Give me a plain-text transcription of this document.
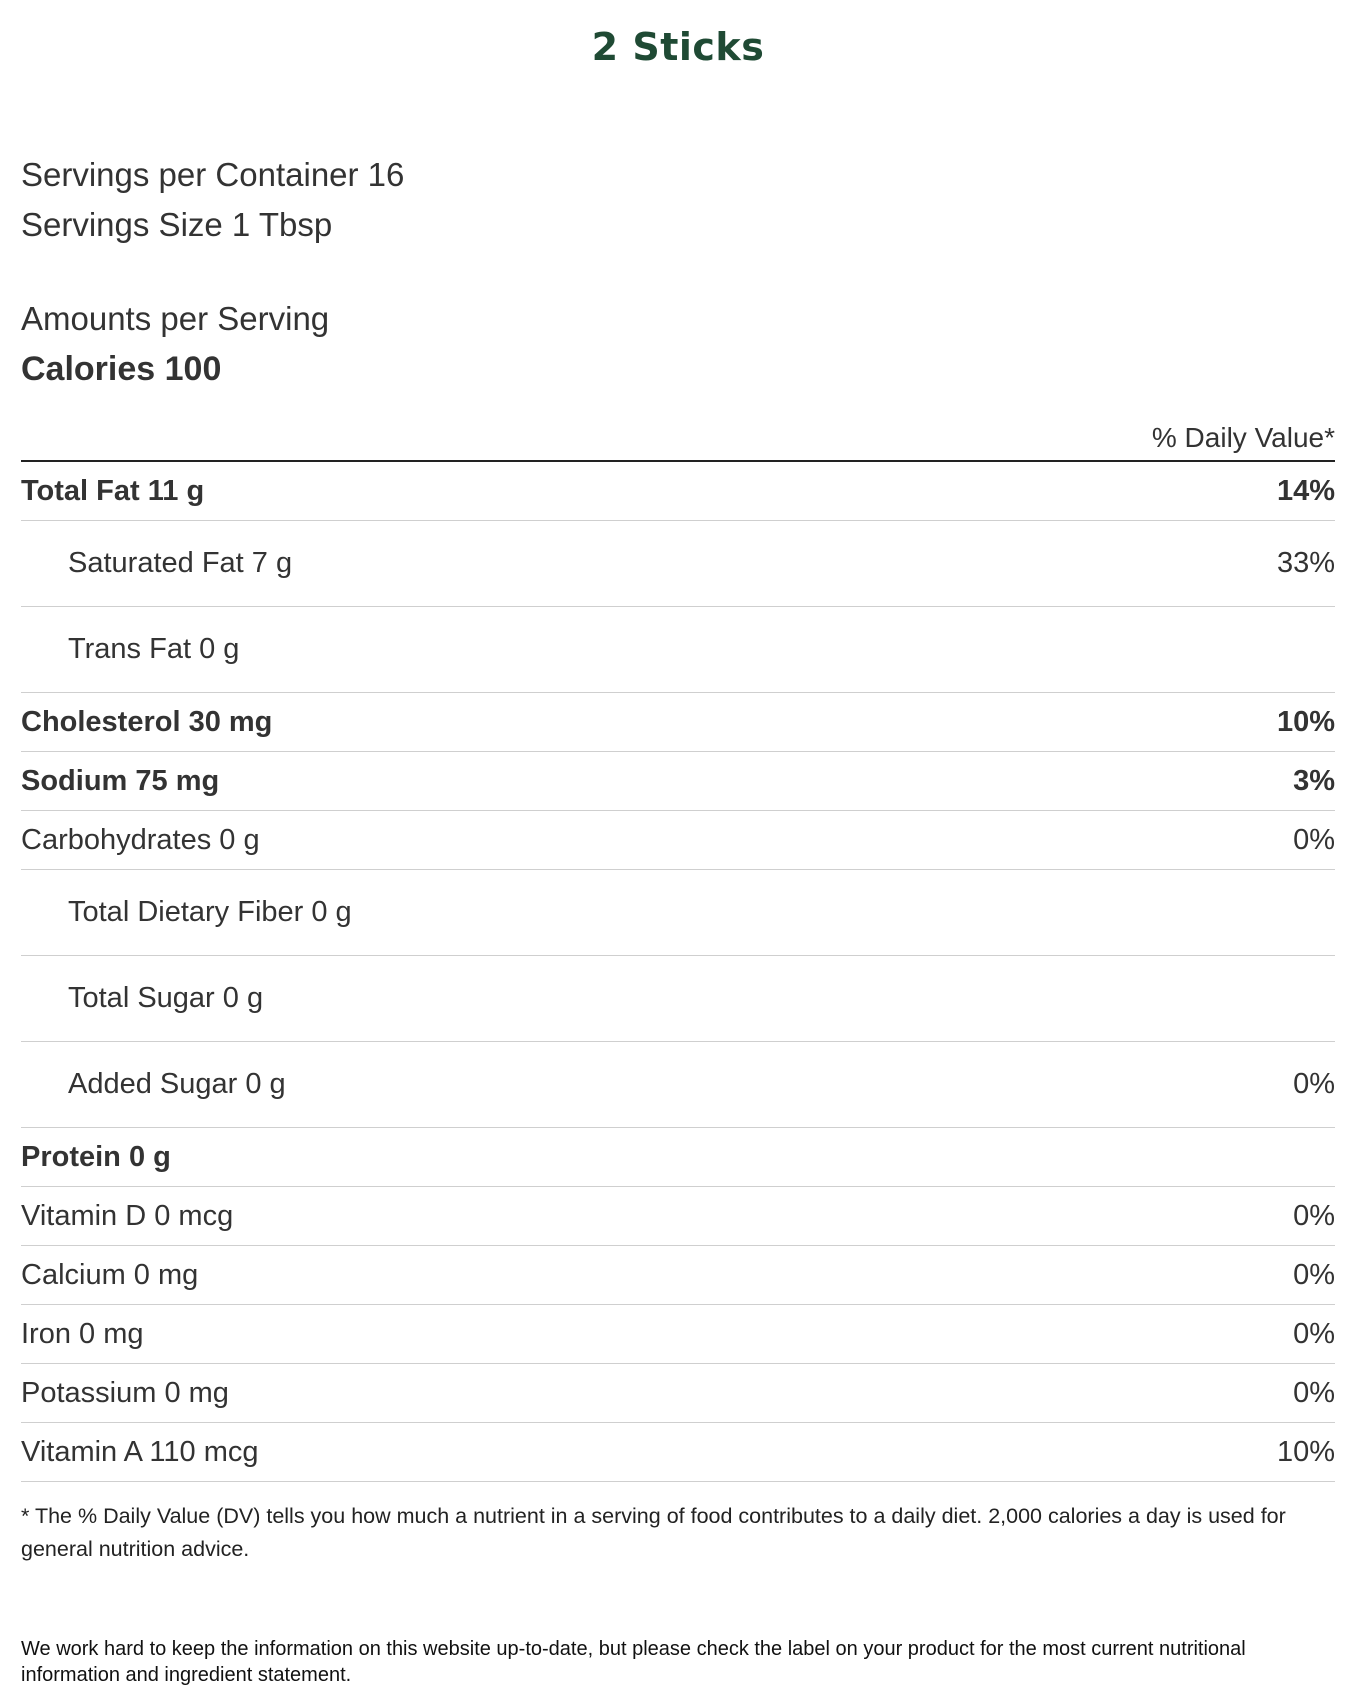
2 Sticks

Servings per Container 16

Servings Size 1 Tbsp

Amounts per Serving

Calories 100

% Daily Value*
Total Fat 11 g	14%
Saturated Fat 7 g	33%
Trans Fat 0 g
Cholesterol 30 mg	10%
Sodium 75 mg	3%
Carbohydrates 0 g	0%
Total Dietary Fiber 0 g
Total Sugar 0 g
Added Sugar 0 g	0%
Protein 0 g
Vitamin D 0 mcg	0%
Calcium 0 mg	0%
Iron 0 mg	0%
Potassium 0 mg	0%
Vitamin A 110 mcg	10%

* The % Daily Value (DV) tells you how much a nutrient in a serving of food contributes to a daily diet. 2,000 calories a day is used for general nutrition advice.

We work hard to keep the information on this website up-to-date, but please check the label on your product for the most current nutritional information and ingredient statement.
